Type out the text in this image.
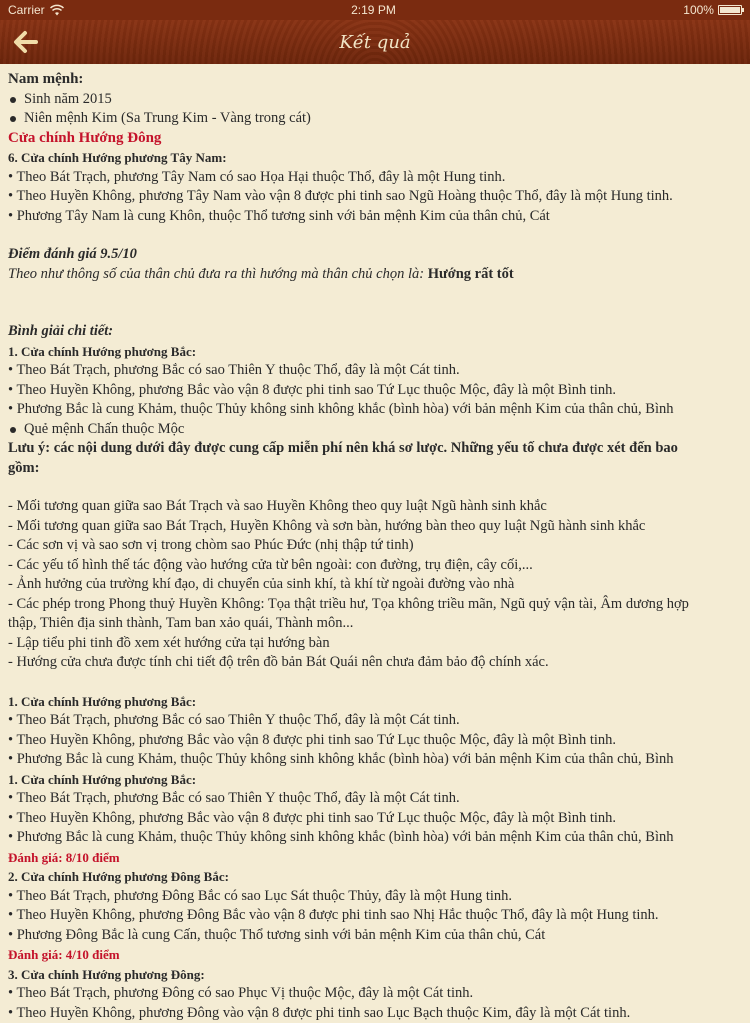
Carrier	2:19 PM	100%
Kết quả
Nam mệnh:
Sinh năm 2015
Niên mệnh Kim (Sa Trung Kim - Vàng trong cát)
Cửa chính Hướng Đông
6. Cửa chính Hướng phương Tây Nam:
• Theo Bát Trạch, phương Tây Nam có sao Họa Hại thuộc Thổ, đây là một Hung tinh.
• Theo Huyền Không, phương Tây Nam vào vận 8 được phi tinh sao Ngũ Hoàng thuộc Thổ, đây là một Hung tinh.
• Phương Tây Nam là cung Khôn, thuộc Thổ tương sinh với bản mệnh Kim của thân chủ, Cát
Điểm đánh giá 9.5/10
Theo như thông số của thân chủ đưa ra thì hướng mà thân chủ chọn là: Hướng rất tốt
Bình giải chi tiết:
1. Cửa chính Hướng phương Bắc:
• Theo Bát Trạch, phương Bắc có sao Thiên Y thuộc Thổ, đây là một Cát tinh.
• Theo Huyền Không, phương Bắc vào vận 8 được phi tinh sao Tứ Lục thuộc Mộc, đây là một Bình tinh.
• Phương Bắc là cung Khảm, thuộc Thủy không sinh không khắc (bình hòa) với bản mệnh Kim của thân chủ, Bình
Quẻ mệnh Chấn thuộc Mộc
Lưu ý: các nội dung dưới đây được cung cấp miễn phí nên khá sơ lược. Những yếu tố chưa được xét đến bao
gồm:
- Mối tương quan giữa sao Bát Trạch và sao Huyền Không theo quy luật Ngũ hành sinh khắc
- Mối tương quan giữa sao Bát Trạch, Huyền Không và sơn bàn, hướng bàn theo quy luật Ngũ hành sinh khắc
- Các sơn vị và sao sơn vị trong chòm sao Phúc Đức (nhị thập tứ tinh)
- Các yếu tố hình thế tác động vào hướng cửa từ bên ngoài: con đường, trụ điện, cây cối,...
- Ảnh hưởng của trường khí đạo, di chuyển của sinh khí, tà khí từ ngoài đường vào nhà
- Các phép trong Phong thuỷ Huyền Không: Tọa thật triều hư, Tọa không triều mãn, Ngũ quỷ vận tài, Âm dương hợp
thập, Thiên địa sinh thành, Tam ban xảo quái, Thành môn...
- Lập tiểu phi tinh đồ xem xét hướng cửa tại hướng bàn
- Hướng cửa chưa được tính chi tiết độ trên đồ bản Bát Quái nên chưa đảm bảo độ chính xác.
1. Cửa chính Hướng phương Bắc:
• Theo Bát Trạch, phương Bắc có sao Thiên Y thuộc Thổ, đây là một Cát tinh.
• Theo Huyền Không, phương Bắc vào vận 8 được phi tinh sao Tứ Lục thuộc Mộc, đây là một Bình tinh.
• Phương Bắc là cung Khảm, thuộc Thủy không sinh không khắc (bình hòa) với bản mệnh Kim của thân chủ, Bình
1. Cửa chính Hướng phương Bắc:
• Theo Bát Trạch, phương Bắc có sao Thiên Y thuộc Thổ, đây là một Cát tinh.
• Theo Huyền Không, phương Bắc vào vận 8 được phi tinh sao Tứ Lục thuộc Mộc, đây là một Bình tinh.
• Phương Bắc là cung Khảm, thuộc Thủy không sinh không khắc (bình hòa) với bản mệnh Kim của thân chủ, Bình
Đánh giá: 8/10 điểm
2. Cửa chính Hướng phương Đông Bắc:
• Theo Bát Trạch, phương Đông Bắc có sao Lục Sát thuộc Thủy, đây là một Hung tinh.
• Theo Huyền Không, phương Đông Bắc vào vận 8 được phi tinh sao Nhị Hắc thuộc Thổ, đây là một Hung tinh.
• Phương Đông Bắc là cung Cấn, thuộc Thổ tương sinh với bản mệnh Kim của thân chủ, Cát
Đánh giá: 4/10 điểm
3. Cửa chính Hướng phương Đông:
• Theo Bát Trạch, phương Đông có sao Phục Vị thuộc Mộc, đây là một Cát tinh.
• Theo Huyền Không, phương Đông vào vận 8 được phi tinh sao Lục Bạch thuộc Kim, đây là một Cát tinh.
